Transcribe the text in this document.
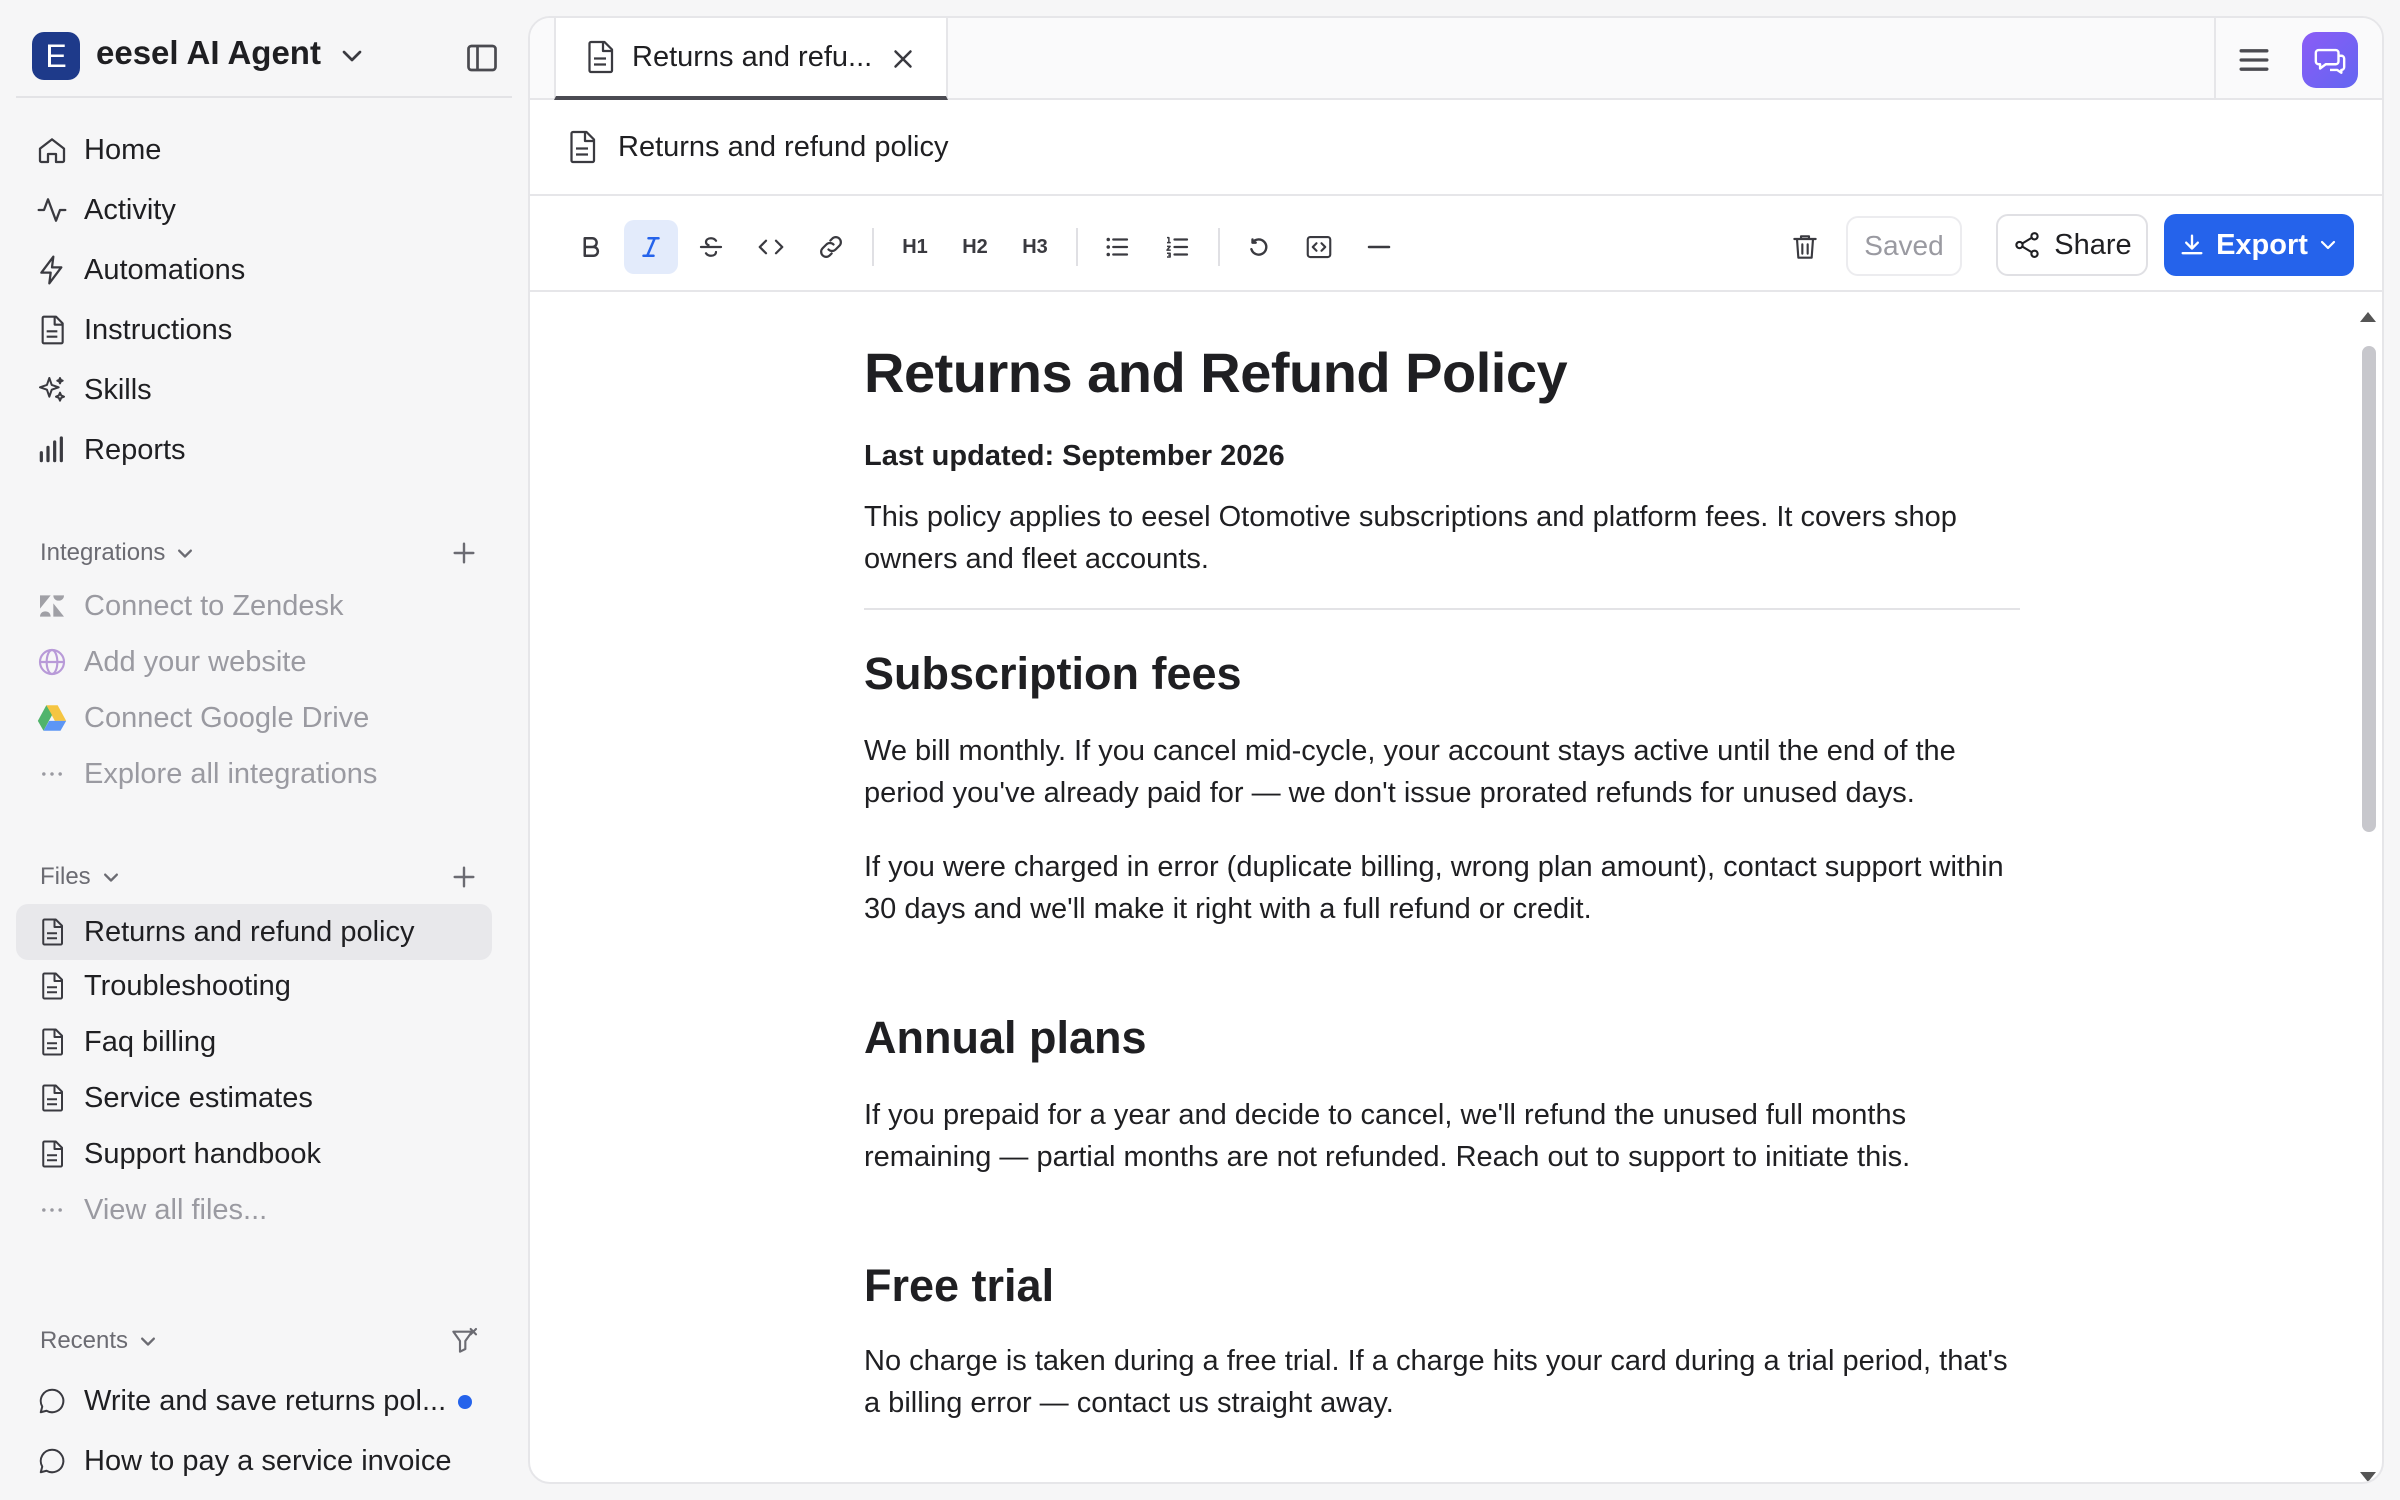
E eesel AI Agent
Home
Activity
Automations
Instructions
Skills
Reports
Integrations
Connect to Zendesk
Add your website
Connect Google Drive
Explore all integrations
Files
Returns and refund policy
Troubleshooting
Faq billing
Service estimates
Support handbook
View all files...
Recents
Write and save returns pol...
How to pay a service invoice
Returns and refu...
Returns and refund policy
H1	H2	H3	Saved	Share	Export
Returns and Refund Policy
Last updated: September 2026
This policy applies to eesel Otomotive subscriptions and platform fees. It covers shop owners and fleet accounts.
Subscription fees
We bill monthly. If you cancel mid-cycle, your account stays active until the end of the period you've already paid for — we don't issue prorated refunds for unused days.
If you were charged in error (duplicate billing, wrong plan amount), contact support within 30 days and we'll make it right with a full refund or credit.
Annual plans
If you prepaid for a year and decide to cancel, we'll refund the unused full months remaining — partial months are not refunded. Reach out to support to initiate this.
Free trial
No charge is taken during a free trial. If a charge hits your card during a trial period, that's a billing error — contact us straight away.
